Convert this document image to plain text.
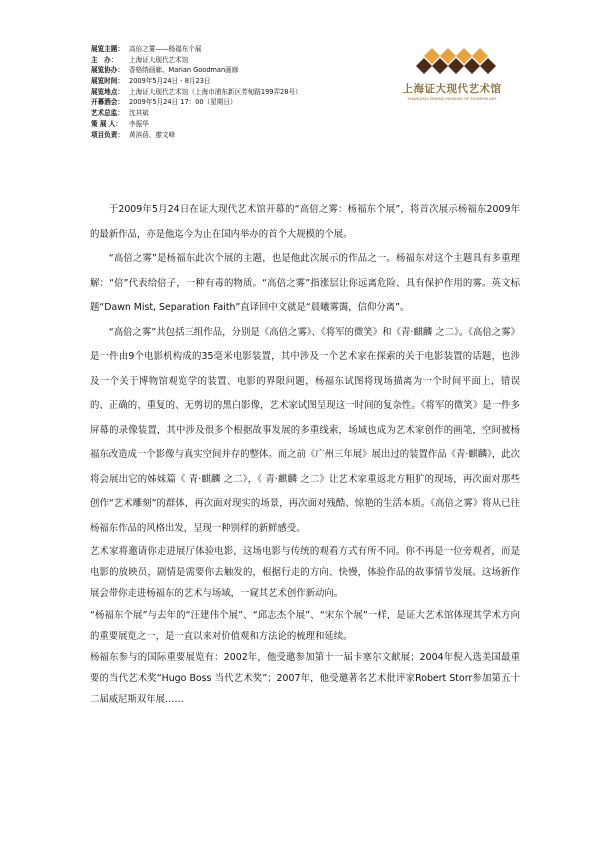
展览主题： 高倍之雾——杨福东个展
主　办：	上海证大现代艺术馆
展览协办： 香格纳画廊、Marian Goodman画廊
展览时间： 2009年5月24日 - 8月23日
展览地点： 上海证大现代艺术馆（上海市浦东新区芳甸路199弄28号）
开幕酒会： 2009年5月24日 17：00（星期日）
艺术总监： 沈其斌
策 展 人：	李振华
项目负责： 黄滨蓓、廖文峰
上海证大现代艺术馆
SHANGHAI ZENDAI MUSEUM OF MODERN ART

于2009年5月24日在证大现代艺术馆开幕的“高倍之雾：杨福东个展”，将首次展示杨福东2009年的最新作品，亦是他迄今为止在国内举办的首个大规模的个展。

“高倍之雾”是杨福东此次个展的主题，也是他此次展示的作品之一。杨福东对这个主题具有多重理解：“倍”代表给倍子，一种有毒的物质。“高倍之雾”指涨层让你远离危险、具有保护作用的雾。英文标题“Dawn Mist, Separation Faith”直译回中文就是“晨曦雾霭，信仰分离”。

“高倍之雾”共包括三组作品，分别是《高倍之雾》、《将军的微笑》和《青·麒麟 之二》。《高倍之雾》是一件由9个电影机构成的35毫米电影装置，其中涉及一个艺术家在探索的关于电影装置的话题，也涉及一个关于博物馆观览学的装置、电影的界限问题，杨福东试图将现场描离为一个时间平面上，错误的、正确的、重复的、无剪切的黑白影像，艺术家试图呈现这一时间的复杂性。《将军的微笑》是一件多屏幕的录像装置，其中涉及很多个根据故事发展的多重线索，场域也成为艺术家创作的画笔，空间被杨福东改造成一个影像与真实空间并存的整体。而之前《广州三年展》展出过的装置作品《青·麒麟》，此次将会展出它的姊妹篇《 青·麒麟 之二》，《 青·麒麟 之二》让艺术家重返北方粗犷的现场，再次面对那些创作“艺术雕刻”的群体，再次面对现实的场景，再次面对残酷、惊艳的生活本质。《高倍之雾》将从已往杨福东作品的风格出发，呈现一种别样的新鲜感受。

艺术家将邀请你走进展厅体验电影，这场电影与传统的观看方式有所不同。你不再是一位旁观者，而是电影的放映员，剧情是需要你去触发的，根据行走的方向、快慢，体验作品的故事情节发展。这场新作展会带你走进杨福东的艺术与场域，一窥其艺术创作新动向。

“杨福东个展”与去年的“汪建伟个展”、“邱志杰个展”、“宋东个展”一样，是证大艺术馆体现其学术方向的重要展览之一，是一直以来对价值观和方法论的梳理和延续。

杨福东参与的国际重要展览有：2002年，他受邀参加第十一届卡塞尔文献展；2004年倪入选美国最重要的当代艺术奖“Hugo Boss 当代艺术奖”；2007年，他受邀著名艺术批评家Robert Storr参加第五十二届威尼斯双年展……
